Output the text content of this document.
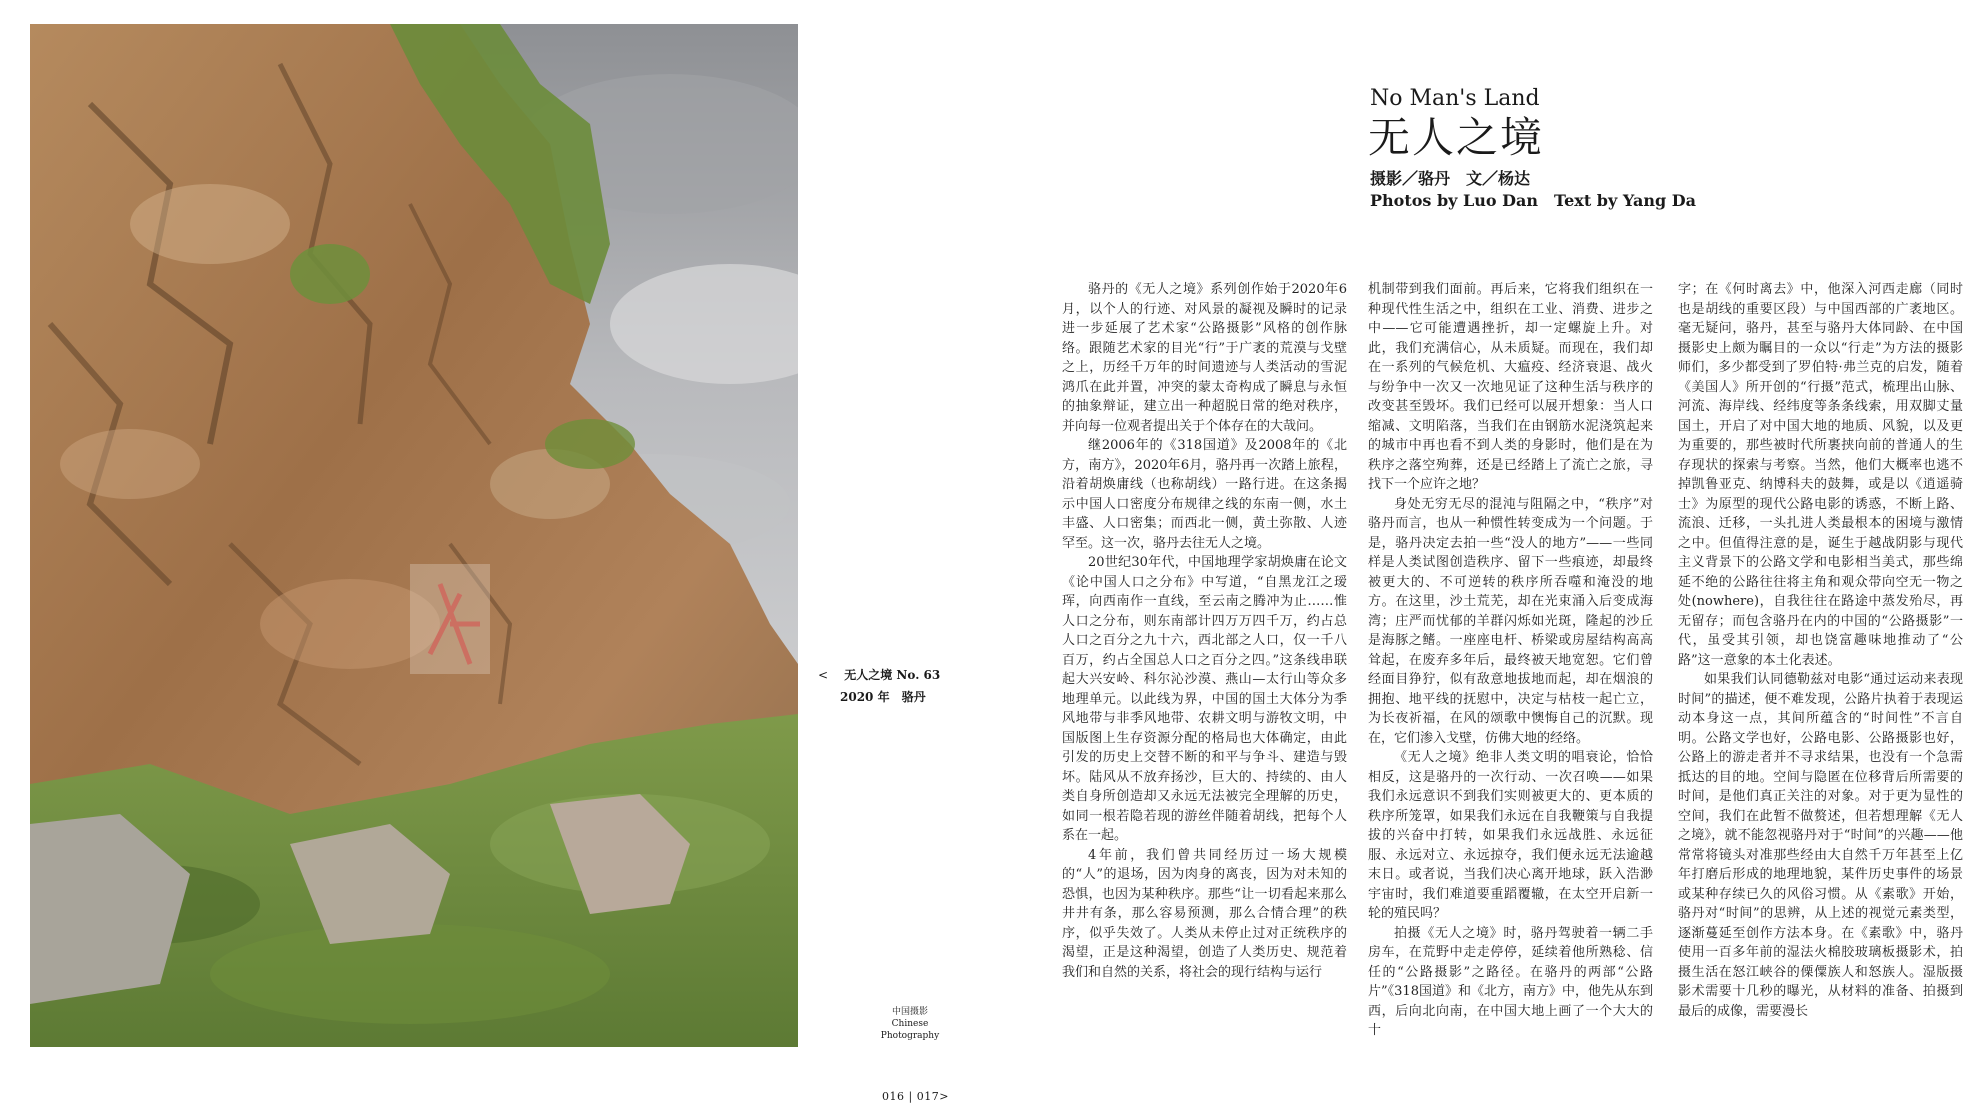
< 无人之境 No. 63
2020 年　骆丹
中国摄影
Chinese
Photography
016 | 017>
No Man's Land
无人之境
摄影／骆丹　文／杨达
Photos by Luo Dan　Text by Yang Da

骆丹的《无人之境》系列创作始于2020年6月，以个人的行迹、对风景的凝视及瞬时的记录进一步延展了艺术家“公路摄影”风格的创作脉络。跟随艺术家的目光“行”于广袤的荒漠与戈壁之上，历经千万年的时间遗迹与人类活动的雪泥鸿爪在此并置，冲突的蒙太奇构成了瞬息与永恒的抽象辩证，建立出一种超脱日常的绝对秩序，并向每一位观者提出关于个体存在的大哉问。

继2006年的《318国道》及2008年的《北方，南方》，2020年6月，骆丹再一次踏上旅程，沿着胡焕庸线（也称胡线）一路行进。在这条揭示中国人口密度分布规律之线的东南一侧，水土丰盛、人口密集；而西北一侧，黄土弥散、人迹罕至。这一次，骆丹去往无人之境。

20世纪30年代，中国地理学家胡焕庸在论文《论中国人口之分布》中写道，“自黑龙江之瑷珲，向西南作一直线，至云南之腾冲为止……惟人口之分布，则东南部计四万万四千万，约占总人口之百分之九十六，西北部之人口，仅一千八百万，约占全国总人口之百分之四。”这条线串联起大兴安岭、科尔沁沙漠、燕山—太行山等众多地理单元。以此线为界，中国的国土大体分为季风地带与非季风地带、农耕文明与游牧文明，中国版图上生存资源分配的格局也大体确定，由此引发的历史上交替不断的和平与争斗、建造与毁坏。陆风从不放弃扬沙，巨大的、持续的、由人类自身所创造却又永远无法被完全理解的历史，如同一根若隐若现的游丝伴随着胡线，把每个人系在一起。

4年前，我们曾共同经历过一场大规模的“人”的退场，因为肉身的离丧，因为对未知的恐惧，也因为某种秩序。那些“让一切看起来那么井井有条，那么容易预测，那么合情合理”的秩序，似乎失效了。人类从未停止过对正统秩序的渴望，正是这种渴望，创造了人类历史、规范着我们和自然的关系，将社会的现行结构与运行

机制带到我们面前。再后来，它将我们组织在一种现代性生活之中，组织在工业、消费、进步之中——它可能遭遇挫折，却一定螺旋上升。对此，我们充满信心，从未质疑。而现在，我们却在一系列的气候危机、大瘟疫、经济衰退、战火与纷争中一次又一次地见证了这种生活与秩序的改变甚至毁坏。我们已经可以展开想象：当人口缩减、文明陷落，当我们在由钢筋水泥浇筑起来的城市中再也看不到人类的身影时，他们是在为秩序之落空殉葬，还是已经踏上了流亡之旅，寻找下一个应许之地？

身处无穷无尽的混沌与阻隔之中，“秩序”对骆丹而言，也从一种惯性转变成为一个问题。于是，骆丹决定去拍一些“没人的地方”——一些同样是人类试图创造秩序、留下一些痕迹，却最终被更大的、不可逆转的秩序所吞噬和淹没的地方。在这里，沙土荒芜，却在光束涌入后变成海湾；庄严而忧郁的羊群闪烁如光斑，隆起的沙丘是海豚之鳍。一座座电杆、桥梁或房屋结构高高耸起，在废弃多年后，最终被天地宽恕。它们曾经面目狰狞，似有敌意地拔地而起，却在烟浪的拥抱、地平线的抚慰中，决定与枯枝一起亡立，为长夜祈福，在风的颂歌中懊悔自己的沉默。现在，它们渗入戈壁，仿佛大地的经络。

《无人之境》绝非人类文明的唱衰论，恰恰相反，这是骆丹的一次行动、一次召唤——如果我们永远意识不到我们实则被更大的、更本质的秩序所笼罩，如果我们永远在自我鞭策与自我提拔的兴奋中打转，如果我们永远战胜、永远征服、永远对立、永远掠夺，我们便永远无法逾越末日。或者说，当我们决心离开地球，跃入浩渺宇宙时，我们难道要重蹈覆辙，在太空开启新一轮的殖民吗？

拍摄《无人之境》时，骆丹驾驶着一辆二手房车，在荒野中走走停停，延续着他所熟稔、信任的“公路摄影”之路径。在骆丹的两部“公路片”《318国道》和《北方，南方》中，他先从东到西，后向北向南，在中国大地上画了一个大大的十

字；在《何时离去》中，他深入河西走廊（同时也是胡线的重要区段）与中国西部的广袤地区。毫无疑问，骆丹，甚至与骆丹大体同龄、在中国摄影史上颇为瞩目的一众以“行走”为方法的摄影师们，多少都受到了罗伯特·弗兰克的启发，随着《美国人》所开创的“行摄”范式，梳理出山脉、河流、海岸线、经纬度等条条线索，用双脚丈量国土，开启了对中国大地的地质、风貌，以及更为重要的，那些被时代所裹挟向前的普通人的生存现状的探索与考察。当然，他们大概率也逃不掉凯鲁亚克、纳博科夫的鼓舞，或是以《逍遥骑士》为原型的现代公路电影的诱惑，不断上路、流浪、迁移，一头扎进人类最根本的困境与激情之中。但值得注意的是，诞生于越战阴影与现代主义背景下的公路文学和电影相当美式，那些绵延不绝的公路往往将主角和观众带向空无一物之处(nowhere)，自我往往在路途中蒸发殆尽，再无留存；而包含骆丹在内的中国的“公路摄影”一代，虽受其引领，却也饶富趣味地推动了“公路”这一意象的本土化表述。

如果我们认同德勒兹对电影“通过运动来表现时间”的描述，便不难发现，公路片执着于表现运动本身这一点，其间所蕴含的“时间性”不言自明。公路文学也好，公路电影、公路摄影也好，公路上的游走者并不寻求结果，也没有一个急需抵达的目的地。空间与隐匿在位移背后所需要的时间，是他们真正关注的对象。对于更为显性的空间，我们在此暂不做赘述，但若想理解《无人之境》，就不能忽视骆丹对于“时间”的兴趣——他常常将镜头对准那些经由大自然千万年甚至上亿年打磨后形成的地理地貌，某件历史事件的场景或某种存续已久的风俗习惯。从《素歌》开始，骆丹对“时间”的思辨，从上述的视觉元素类型，逐渐蔓延至创作方法本身。在《素歌》中，骆丹使用一百多年前的湿法火棉胶玻璃板摄影术，拍摄生活在怒江峡谷的傈僳族人和怒族人。湿版摄影术需要十几秒的曝光，从材料的准备、拍摄到最后的成像，需要漫长
